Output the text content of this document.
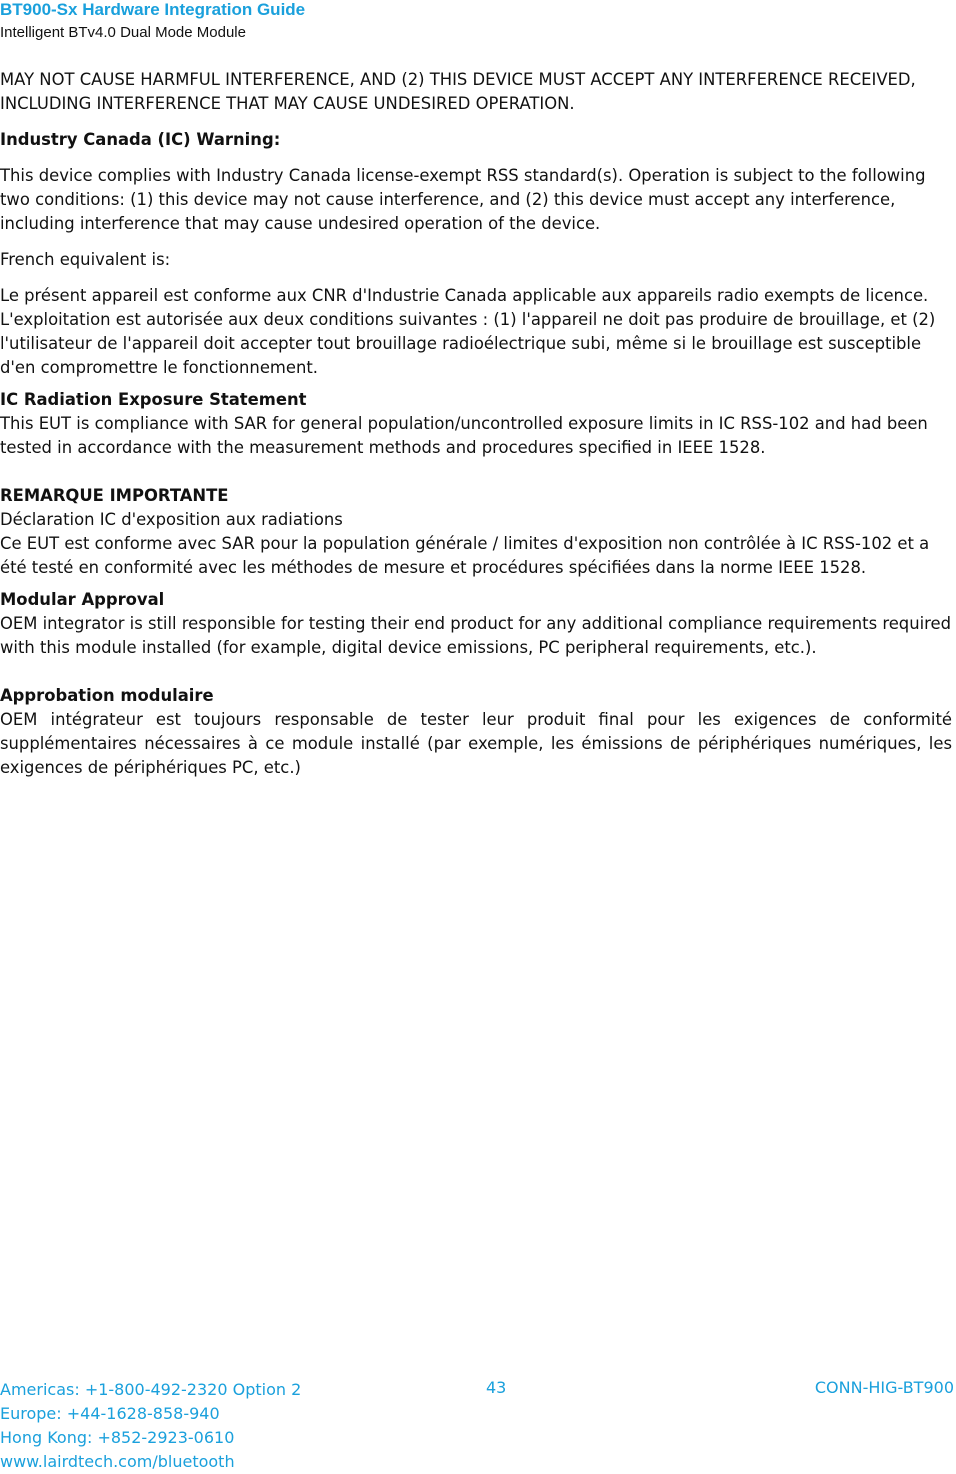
BT900-Sx Hardware Integration Guide
Intelligent BTv4.0 Dual Mode Module

MAY NOT CAUSE HARMFUL INTERFERENCE, AND (2) THIS DEVICE MUST ACCEPT ANY INTERFERENCE RECEIVED, INCLUDING INTERFERENCE THAT MAY CAUSE UNDESIRED OPERATION.

Industry Canada (IC) Warning:

This device complies with Industry Canada license-exempt RSS standard(s). Operation is subject to the following two conditions: (1) this device may not cause interference, and (2) this device must accept any interference, including interference that may cause undesired operation of the device.

French equivalent is:

Le présent appareil est conforme aux CNR d'Industrie Canada applicable aux appareils radio exempts de licence. L'exploitation est autorisée aux deux conditions suivantes : (1) l'appareil ne doit pas produire de brouillage, et (2) l'utilisateur de l'appareil doit accepter tout brouillage radioélectrique subi, même si le brouillage est susceptible d'en compromettre le fonctionnement.

IC Radiation Exposure Statement

This EUT is compliance with SAR for general population/uncontrolled exposure limits in IC RSS-102 and had been tested in accordance with the measurement methods and procedures specified in IEEE 1528.

REMARQUE IMPORTANTE

Déclaration IC d'exposition aux radiations

Ce EUT est conforme avec SAR pour la population générale / limites d'exposition non contrôlée à IC RSS-102 et a été testé en conformité avec les méthodes de mesure et procédures spécifiées dans la norme IEEE 1528.

Modular Approval

OEM integrator is still responsible for testing their end product for any additional compliance requirements required with this module installed (for example, digital device emissions, PC peripheral requirements, etc.).

Approbation modulaire

OEM intégrateur est toujours responsable de tester leur produit final pour les exigences de conformité supplémentaires nécessaires à ce module installé (par exemple, les émissions de périphériques numériques, les exigences de périphériques PC, etc.)

Americas: +1-800-492-2320 Option 2
Europe: +44-1628-858-940
Hong Kong: +852-2923-0610
www.lairdtech.com/bluetooth
43	CONN-HIG-BT900
